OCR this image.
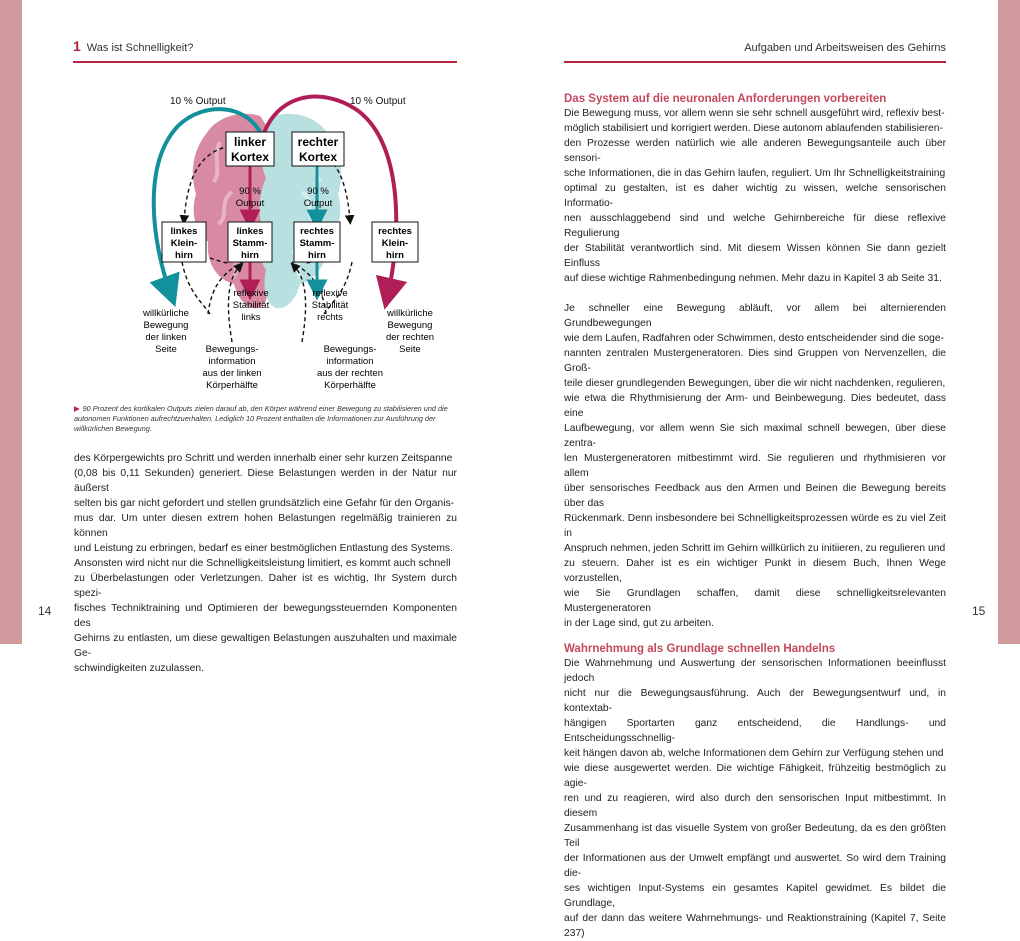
1 Was ist Schnelligkeit?
10 % Output	10 % Output
linker
Kortex
rechter
Kortex
90 %
Output
90 %
Output
linkes
Klein-
hirn
linkes
Stamm-
hirn
rechtes
Stamm-
hirn
rechtes
Klein-
hirn
reflexive
Stabilität
links
reflexive
Stabilität
rechts
willkürliche
Bewegung
der linken
Seite
willkürliche
Bewegung
der rechten
Seite
Bewegungs-
information
aus der linken
Körperhälfte
Bewegungs-
information
aus der rechten
Körperhälfte
▶ 90 Prozent des kortikalen Outputs zielen darauf ab, den Körper während einer Bewegung zu stabilisieren und die autonomen Funktionen aufrechtzuerhalten. Lediglich 10 Prozent enthalten die Informationen zur Ausführung der willkürlichen Bewegung.
des Körpergewichts pro Schritt und werden innerhalb einer sehr kurzen Zeitspanne
(0,08 bis 0,11 Sekunden) generiert. Diese Belastungen werden in der Natur nur äußerst
selten bis gar nicht gefordert und stellen grundsätzlich eine Gefahr für den Organis-
mus dar. Um unter diesen extrem hohen Belastungen regelmäßig trainieren zu können
und Leistung zu erbringen, bedarf es einer bestmöglichen Entlastung des Systems.
Ansonsten wird nicht nur die Schnelligkeitsleistung limitiert, es kommt auch schnell
zu Überbelastungen oder Verletzungen. Daher ist es wichtig, Ihr System durch spezi-
fisches Techniktraining und Optimieren der bewegungssteuernden Komponenten des
Gehirns zu entlasten, um diese gewaltigen Belastungen auszuhalten und maximale Ge-
schwindigkeiten zuzulassen.
14
Aufgaben und Arbeitsweisen des Gehirns
Das System auf die neuronalen Anforderungen vorbereiten
Die Bewegung muss, vor allem wenn sie sehr schnell ausgeführt wird, reflexiv best-
möglich stabilisiert und korrigiert werden. Diese autonom ablaufenden stabilisieren-
den Prozesse werden natürlich wie alle anderen Bewegungsanteile auch über sensori-
sche Informationen, die in das Gehirn laufen, reguliert. Um Ihr Schnelligkeitstraining
optimal zu gestalten, ist es daher wichtig zu wissen, welche sensorischen Informatio-
nen ausschlaggebend sind und welche Gehirnbereiche für diese reflexive Regulierung
der Stabilität verantwortlich sind. Mit diesem Wissen können Sie dann gezielt Einfluss
auf diese wichtige Rahmenbedingung nehmen. Mehr dazu in Kapitel 3 ab Seite 31.
Je schneller eine Bewegung abläuft, vor allem bei alternierenden Grundbewegungen
wie dem Laufen, Radfahren oder Schwimmen, desto entscheidender sind die soge-
nannten zentralen Mustergeneratoren. Dies sind Gruppen von Nervenzellen, die Groß-
teile dieser grundlegenden Bewegungen, über die wir nicht nachdenken, regulieren,
wie etwa die Rhythmisierung der Arm- und Beinbewegung. Dies bedeutet, dass eine
Laufbewegung, vor allem wenn Sie sich maximal schnell bewegen, über diese zentra-
len Mustergeneratoren mitbestimmt wird. Sie regulieren und rhythmisieren vor allem
über sensorisches Feedback aus den Armen und Beinen die Bewegung bereits über das
Rückenmark. Denn insbesondere bei Schnelligkeitsprozessen würde es zu viel Zeit in
Anspruch nehmen, jeden Schritt im Gehirn willkürlich zu initiieren, zu regulieren und
zu steuern. Daher ist es ein wichtiger Punkt in diesem Buch, Ihnen Wege vorzustellen,
wie Sie Grundlagen schaffen, damit diese schnelligkeitsrelevanten Mustergeneratoren
in der Lage sind, gut zu arbeiten.
Wahrnehmung als Grundlage schnellen Handelns
Die Wahrnehmung und Auswertung der sensorischen Informationen beeinflusst jedoch
nicht nur die Bewegungsausführung. Auch der Bewegungsentwurf und, in kontextab-
hängigen Sportarten ganz entscheidend, die Handlungs- und Entscheidungsschnellig-
keit hängen davon ab, welche Informationen dem Gehirn zur Verfügung stehen und
wie diese ausgewertet werden. Die wichtige Fähigkeit, frühzeitig bestmöglich zu agie-
ren und zu reagieren, wird also durch den sensorischen Input mitbestimmt. In diesem
Zusammenhang ist das visuelle System von großer Bedeutung, da es den größten Teil
der Informationen aus der Umwelt empfängt und auswertet. So wird dem Training die-
ses wichtigen Input-Systems ein gesamtes Kapitel gewidmet. Es bildet die Grundlage,
auf der dann das weitere Wahrnehmungs- und Reaktionstraining (Kapitel 7, Seite 237)
15
